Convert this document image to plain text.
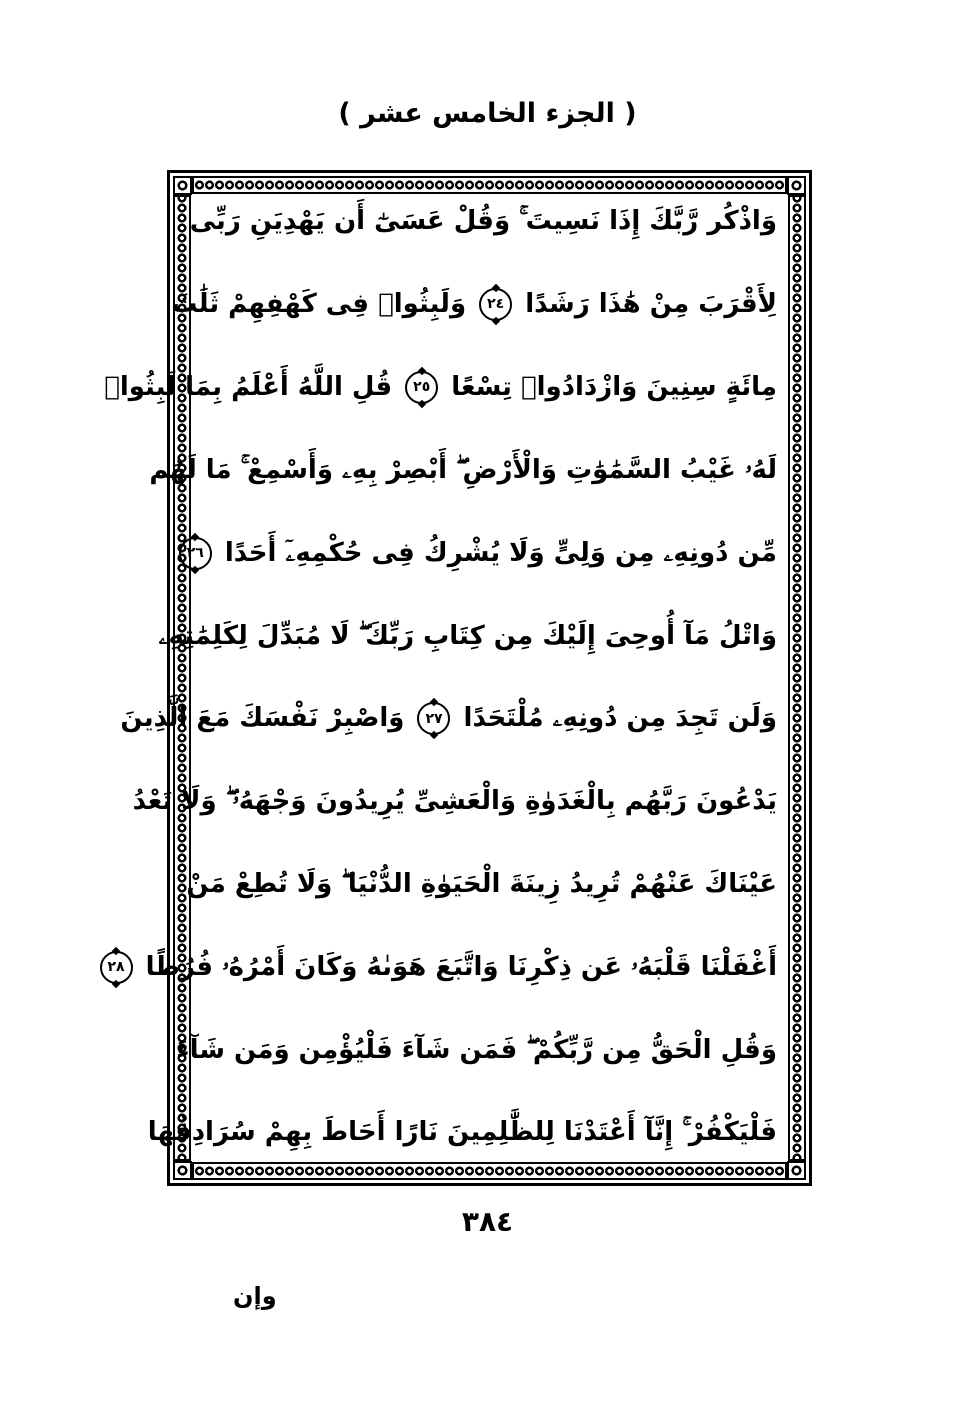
( الجزء الخامس عشر )
وَاذْكُر رَّبَّكَ إِذَا نَسِيتَ ۚ وَقُلْ عَسَىٰٓ أَن يَهْدِيَنِ رَبِّى
لِأَقْرَبَ مِنْ هَٰذَا رَشَدًا ٢٤ وَلَبِثُوا۟ فِى كَهْفِهِمْ ثَلَٰثَ
مِائَةٍ سِنِينَ وَازْدَادُوا۟ تِسْعًا ٢٥ قُلِ اللَّهُ أَعْلَمُ بِمَا لَبِثُوا۟
لَهُۥ غَيْبُ السَّمَٰوَٰتِ وَالْأَرْضِ ۖ أَبْصِرْ بِهِۦ وَأَسْمِعْ ۚ مَا لَهُم
مِّن دُونِهِۦ مِن وَلِىٍّ وَلَا يُشْرِكُ فِى حُكْمِهِۦٓ أَحَدًا ٢٦
وَاتْلُ مَآ أُوحِىَ إِلَيْكَ مِن كِتَابِ رَبِّكَ ۖ لَا مُبَدِّلَ لِكَلِمَٰتِهِۦ
وَلَن تَجِدَ مِن دُونِهِۦ مُلْتَحَدًا ٢٧ وَاصْبِرْ نَفْسَكَ مَعَ الَّذِينَ
يَدْعُونَ رَبَّهُم بِالْغَدَوٰةِ وَالْعَشِىِّ يُرِيدُونَ وَجْهَهُۥ ۖ وَلَا تَعْدُ
عَيْنَاكَ عَنْهُمْ تُرِيدُ زِينَةَ الْحَيَوٰةِ الدُّنْيَا ۖ وَلَا تُطِعْ مَنْ
أَغْفَلْنَا قَلْبَهُۥ عَن ذِكْرِنَا وَاتَّبَعَ هَوَىٰهُ وَكَانَ أَمْرُهُۥ فُرُطًا ٢٨
وَقُلِ الْحَقُّ مِن رَّبِّكُمْ ۖ فَمَن شَآءَ فَلْيُؤْمِن وَمَن شَآءَ
فَلْيَكْفُرْ ۚ إِنَّآ أَعْتَدْنَا لِلظَّٰلِمِينَ نَارًا أَحَاطَ بِهِمْ سُرَادِقُهَا
٣٨٤
وإن
